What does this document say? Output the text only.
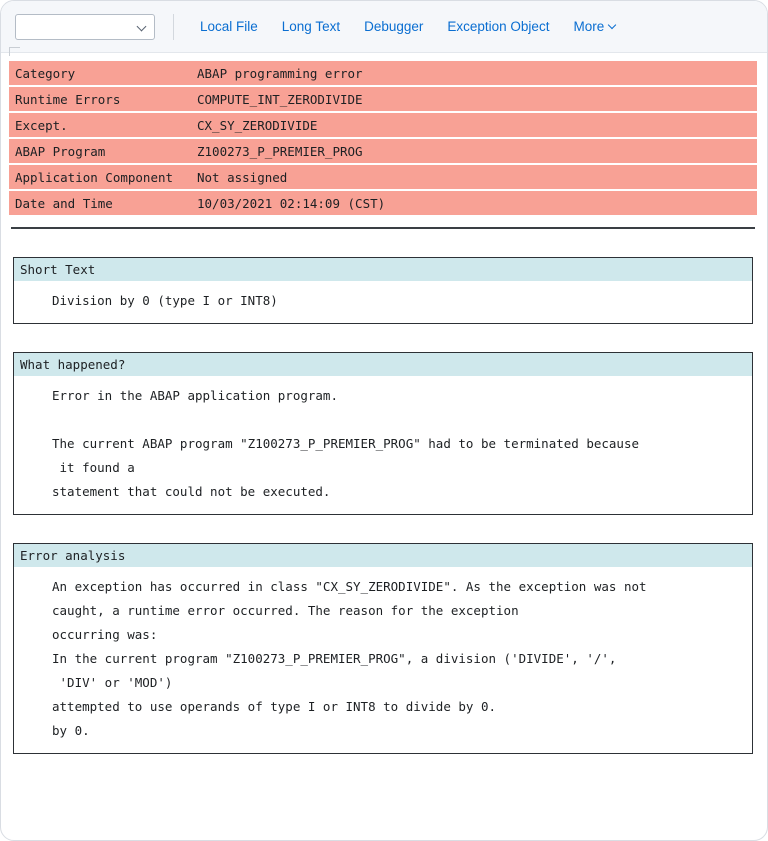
Local File Long Text Debugger Exception Object More
Category	ABAP programming error
Runtime Errors	COMPUTE_INT_ZERODIVIDE
Except.	CX_SY_ZERODIVIDE
ABAP Program	Z100273_P_PREMIER_PROG
Application Component	Not assigned
Date and Time	10/03/2021 02:14:09 (CST)
Short Text
Division by 0 (type I or INT8)
What happened?
Error in the ABAP application program.
The current ABAP program "Z100273_P_PREMIER_PROG" had to be terminated because
it found a
statement that could not be executed.
Error analysis
An exception has occurred in class "CX_SY_ZERODIVIDE". As the exception was not
caught, a runtime error occurred. The reason for the exception
occurring was:
In the current program "Z100273_P_PREMIER_PROG", a division ('DIVIDE', '/',
'DIV' or 'MOD')
attempted to use operands of type I or INT8 to divide by 0.
by 0.
